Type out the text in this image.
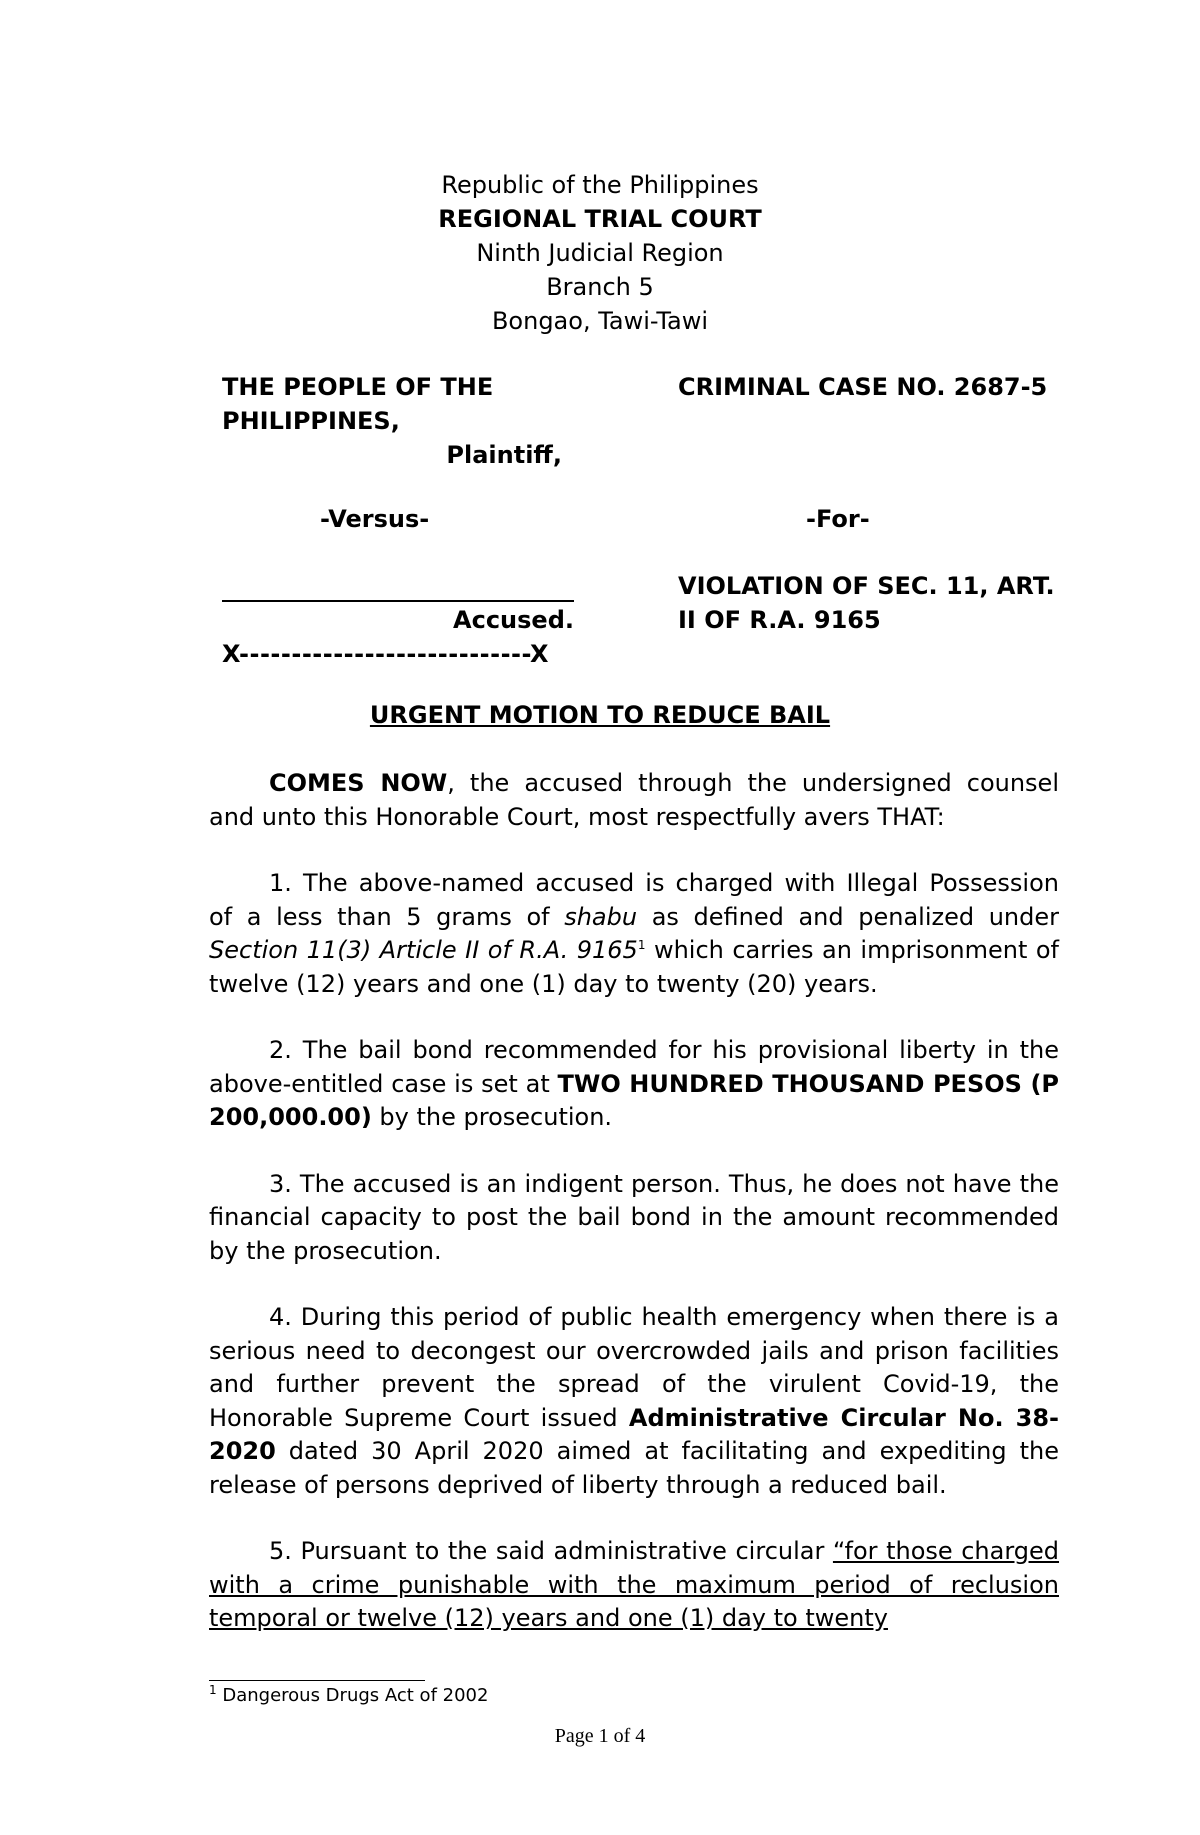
Republic of the Philippines
REGIONAL TRIAL COURT
Ninth Judicial Region
Branch 5
Bongao, Tawi-Tawi
THE PEOPLE OF THE
PHILIPPINES,
Plaintiff,
CRIMINAL CASE NO. 2687-5
-Versus-	-For-
Accused.
X----------------------------X
VIOLATION OF SEC. 11, ART.
II OF R.A. 9165
URGENT MOTION TO REDUCE BAIL

COMES NOW, the accused through the undersigned counsel and unto this Honorable Court, most respectfully avers THAT:

1. The above-named accused is charged with Illegal Possession of a less than 5 grams of shabu as defined and penalized under Section 11(3) Article II of R.A. 9165$^1$ which carries an imprisonment of twelve (12) years and one (1) day to twenty (20) years.

2. The bail bond recommended for his provisional liberty in the above-entitled case is set at TWO HUNDRED THOUSAND PESOS (P 200,000.00) by the prosecution.

3. The accused is an indigent person. Thus, he does not have the financial capacity to post the bail bond in the amount recommended by the prosecution.

4. During this period of public health emergency when there is a serious need to decongest our overcrowded jails and prison facilities and further prevent the spread of the virulent Covid-19, the Honorable Supreme Court issued Administrative Circular No. 38-2020 dated 30 April 2020 aimed at facilitating and expediting the release of persons deprived of liberty through a reduced bail.

5. Pursuant to the said administrative circular “for those charged with a crime punishable with the maximum period of reclusion temporal or twelve (12) years and one (1) day to twenty

$^1$ Dangerous Drugs Act of 2002
Page 1 of 4
